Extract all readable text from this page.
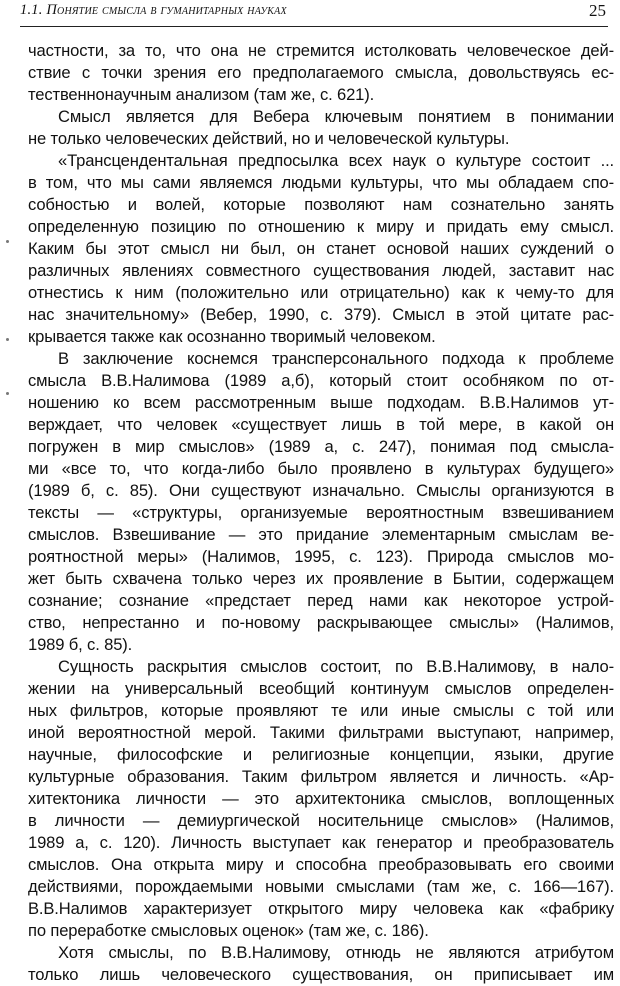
1.1. Понятие смысла в гуманитарных науках	25
частности, за то, что она не стремится истолковать человеческое дей-
ствие с точки зрения его предполагаемого смысла, довольствуясь ес-
тественнонаучным анализом (там же, с. 621).
Смысл является для Вебера ключевым понятием в понимании
не только человеческих действий, но и человеческой культуры.
«Трансцендентальная предпосылка всех наук о культуре состоит ...
в том, что мы сами являемся людьми культуры, что мы обладаем спо-
собностью и волей, которые позволяют нам сознательно занять
определенную позицию по отношению к миру и придать ему смысл.
Каким бы этот смысл ни был, он станет основой наших суждений о
различных явлениях совместного существования людей, заставит нас
отнестись к ним (положительно или отрицательно) как к чему-то для
нас значительному» (Вебер, 1990, с. 379). Смысл в этой цитате рас-
крывается также как осознанно творимый человеком.
В заключение коснемся трансперсонального подхода к проблеме
смысла В.В.Налимова (1989 а,б), который стоит особняком по от-
ношению ко всем рассмотренным выше подходам. В.В.Налимов ут-
верждает, что человек «существует лишь в той мере, в какой он
погружен в мир смыслов» (1989 а, с. 247), понимая под смысла-
ми «все то, что когда-либо было проявлено в культурах будущего»
(1989 б, с. 85). Они существуют изначально. Смыслы организуются в
тексты — «структуры, организуемые вероятностным взвешиванием
смыслов. Взвешивание — это придание элементарным смыслам ве-
роятностной меры» (Налимов, 1995, с. 123). Природа смыслов мо-
жет быть схвачена только через их проявление в Бытии, содержащем
сознание; сознание «предстает перед нами как некоторое устрой-
ство, непрестанно и по-новому раскрывающее смыслы» (Налимов,
1989 б, с. 85).
Сущность раскрытия смыслов состоит, по В.В.Налимову, в нало-
жении на универсальный всеобщий континуум смыслов определен-
ных фильтров, которые проявляют те или иные смыслы с той или
иной вероятностной мерой. Такими фильтрами выступают, например,
научные, философские и религиозные концепции, языки, другие
культурные образования. Таким фильтром является и личность. «Ар-
хитектоника личности — это архитектоника смыслов, воплощенных
в личности — демиургической носительнице смыслов» (Налимов,
1989 а, с. 120). Личность выступает как генератор и преобразователь
смыслов. Она открыта миру и способна преобразовывать его своими
действиями, порождаемыми новыми смыслами (там же, с. 166—167).
В.В.Налимов характеризует открытого миру человека как «фабрику
по переработке смысловых оценок» (там же, с. 186).
Хотя смыслы, по В.В.Налимову, отнюдь не являются атрибутом
только лишь человеческого существования, он приписывает им
